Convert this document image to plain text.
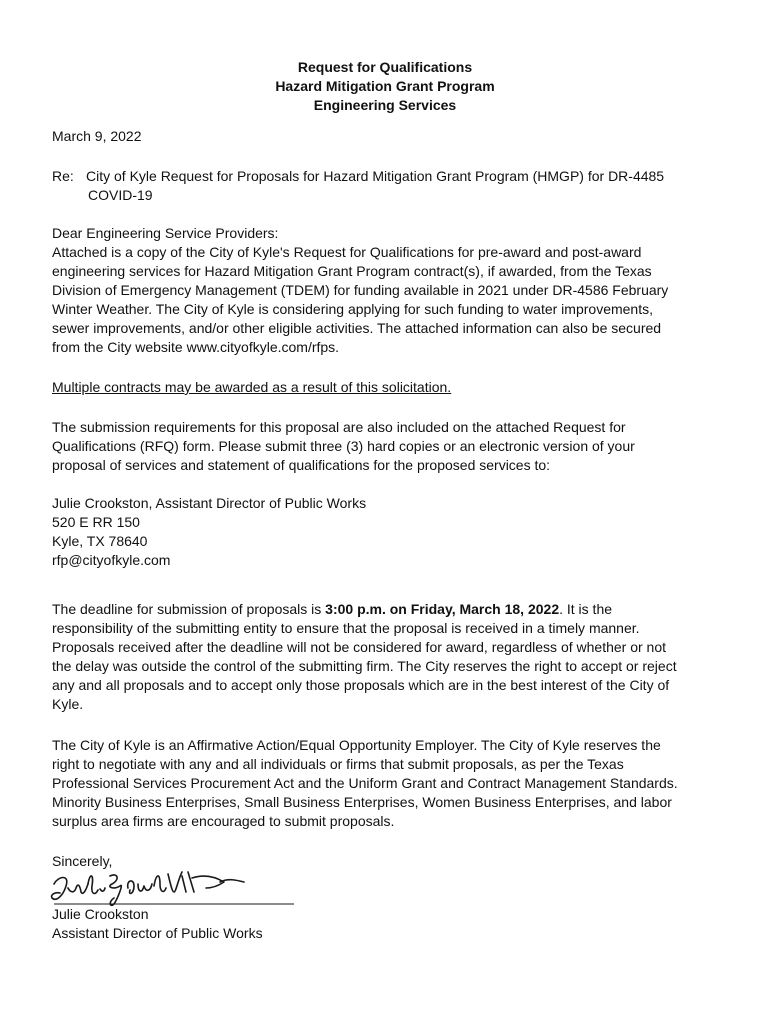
Request for Qualifications
Hazard Mitigation Grant Program
Engineering Services
March 9, 2022
Re: City of Kyle Request for Proposals for Hazard Mitigation Grant Program (HMGP) for DR-4485
COVID-19
Dear Engineering Service Providers:
Attached is a copy of the City of Kyle's Request for Qualifications for pre-award and post-award
engineering services for Hazard Mitigation Grant Program contract(s), if awarded, from the Texas
Division of Emergency Management (TDEM) for funding available in 2021 under DR-4586 February
Winter Weather. The City of Kyle is considering applying for such funding to water improvements,
sewer improvements, and/or other eligible activities. The attached information can also be secured
from the City website www.cityofkyle.com/rfps.
Multiple contracts may be awarded as a result of this solicitation.
The submission requirements for this proposal are also included on the attached Request for
Qualifications (RFQ) form. Please submit three (3) hard copies or an electronic version of your
proposal of services and statement of qualifications for the proposed services to:
Julie Crookston, Assistant Director of Public Works
520 E RR 150
Kyle, TX 78640
rfp@cityofkyle.com
The deadline for submission of proposals is 3:00 p.m. on Friday, March 18, 2022. It is the
responsibility of the submitting entity to ensure that the proposal is received in a timely manner.
Proposals received after the deadline will not be considered for award, regardless of whether or not
the delay was outside the control of the submitting firm. The City reserves the right to accept or reject
any and all proposals and to accept only those proposals which are in the best interest of the City of
Kyle.
The City of Kyle is an Affirmative Action/Equal Opportunity Employer. The City of Kyle reserves the
right to negotiate with any and all individuals or firms that submit proposals, as per the Texas
Professional Services Procurement Act and the Uniform Grant and Contract Management Standards.
Minority Business Enterprises, Small Business Enterprises, Women Business Enterprises, and labor
surplus area firms are encouraged to submit proposals.
Sincerely,
Julie Crookston
Assistant Director of Public Works
